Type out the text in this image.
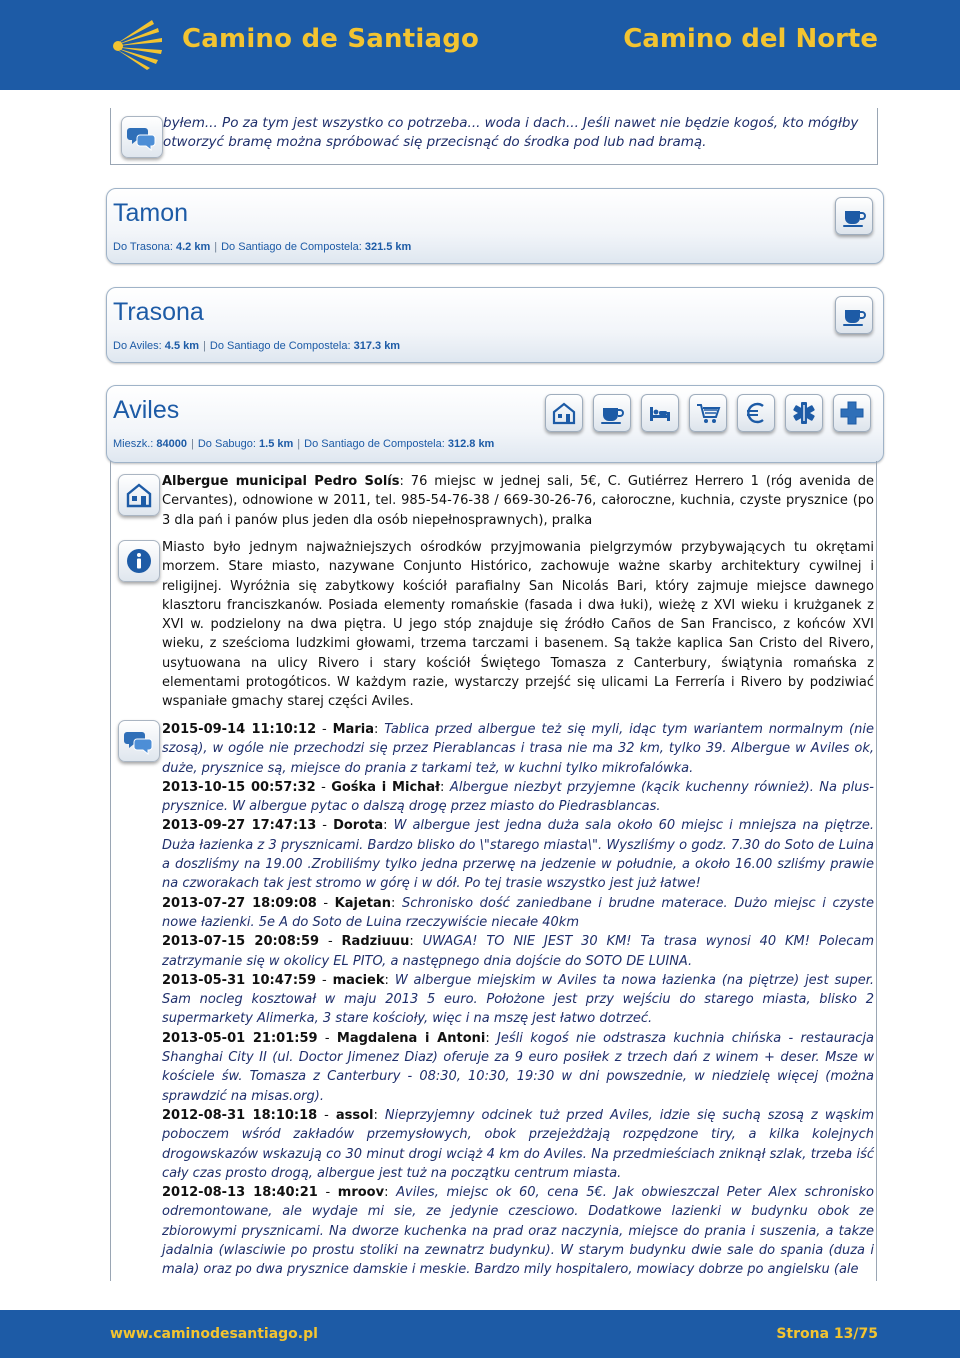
Camino de Santiago	Camino del Norte
byłem... Po za tym jest wszystko co potrzeba... woda i dach... Jeśli nawet nie będzie kogoś, kto mógłby otworzyć bramę można spróbować się przecisnąć do środka pod lub nad bramą.
Tamon
Do Trasona: 4.2 km | Do Santiago de Compostela: 321.5 km
Trasona
Do Aviles: 4.5 km | Do Santiago de Compostela: 317.3 km
Aviles
Mieszk.: 84000 | Do Sabugo: 1.5 km | Do Santiago de Compostela: 312.8 km
Albergue municipal Pedro Solís: 76 miejsc w jednej sali, 5€, C. Gutiérrez Herrero 1 (róg avenida de Cervantes), odnowione w 2011, tel. 985-54-76-38 / 669-30-26-76, całoroczne, kuchnia, czyste prysznice (po 3 dla pań i panów plus jeden dla osób niepełnosprawnych), pralka
Miasto było jednym najważniejszych ośrodków przyjmowania pielgrzymów przybywających tu okrętami morzem. Stare miasto, nazywane Conjunto Histórico, zachowuje ważne skarby architektury cywilnej i religijnej. Wyróżnia się zabytkowy kościół parafialny San Nicolás Bari, który zajmuje miejsce dawnego klasztoru franciszkanów. Posiada elementy romańskie (fasada i dwa łuki), wieżę z XVI wieku i krużganek z XVI w. podzielony na dwa piętra. U jego stóp znajduje się źródło Caños de San Francisco, z końców XVI wieku, z sześcioma ludzkimi głowami, trzema tarczami i basenem. Są także kaplica San Cristo del Rivero, usytuowana na ulicy Rivero i stary kościół Świętego Tomasza z Canterbury, świątynia romańska z elementami protogóticos. W każdym razie, wystarczy przejść się ulicami La Ferrería i Rivero by podziwiać wspaniałe gmachy starej części Aviles.

2015-09-14 11:10:12 - Maria: Tablica przed albergue też się myli, idąc tym wariantem normalnym (nie szosą), w ogóle nie przechodzi się przez Pierablancas i trasa nie ma 32 km, tylko 39. Albergue w Aviles ok, duże, prysznice są, miejsce do prania z tarkami też, w kuchni tylko mikrofalówka.

2013-10-15 00:57:32 - Gośka i Michał: Albergue niezbyt przyjemne (kącik kuchenny również). Na plus- prysznice. W albergue pytac o dalszą drogę przez miasto do Piedrasblancas.

2013-09-27 17:47:13 - Dorota: W albergue jest jedna duża sala około 60 miejsc i mniejsza na piętrze. Duża łazienka z 3 prysznicami. Bardzo blisko do \"starego miasta\". Wyszliśmy o godz. 7.30 do Soto de Luina a doszliśmy na 19.00 .Zrobiliśmy tylko jedna przerwę na jedzenie w południe, a około 16.00 szliśmy prawie na czworakach tak jest stromo w górę i w dół. Po tej trasie wszystko jest już łatwe!

2013-07-27 18:09:08 - Kajetan: Schronisko dość zaniedbane i brudne materace. Dużo miejsc i czyste nowe łazienki. 5e A do Soto de Luina rzeczywiście niecałe 40km

2013-07-15 20:08:59 - Radziuuu: UWAGA! TO NIE JEST 30 KM! Ta trasa wynosi 40 KM! Polecam zatrzymanie się w okolicy EL PITO, a następnego dnia dojście do SOTO DE LUINA.

2013-05-31 10:47:59 - maciek: W albergue miejskim w Aviles ta nowa łazienka (na piętrze) jest super. Sam nocleg kosztował w maju 2013 5 euro. Położone jest przy wejściu do starego miasta, blisko 2 supermarkety Alimerka, 3 stare kościoły, więc i na mszę jest łatwo dotrzeć.

2013-05-01 21:01:59 - Magdalena i Antoni: Jeśli kogoś nie odstrasza kuchnia chińska - restauracja Shanghai City II (ul. Doctor Jimenez Diaz) oferuje za 9 euro posiłek z trzech dań z winem + deser. Msze w kościele św. Tomasza z Canterbury - 08:30, 10:30, 19:30 w dni powszednie, w niedzielę więcej (można sprawdzić na misas.org).

2012-08-31 18:10:18 - assol: Nieprzyjemny odcinek tuż przed Aviles, idzie się suchą szosą z wąskim poboczem wśród zakładów przemysłowych, obok przejeżdżają rozpędzone tiry, a kilka kolejnych drogowskazów wskazują co 30 minut drogi wciąż 4 km do Aviles. Na przedmieściach zniknął szlak, trzeba iść cały czas prosto drogą, albergue jest tuż na początku centrum miasta.

2012-08-13 18:40:21 - mroov: Aviles, miejsc ok 60, cena 5€. Jak obwieszczal Peter Alex schronisko odremontowane, ale wydaje mi sie, ze jedynie czesciowo. Dodatkowe lazienki w budynku obok ze zbiorowymi prysznicami. Na dworze kuchenka na prad oraz naczynia, miejsce do prania i suszenia, a takze jadalnia (wlasciwie po prostu stoliki na zewnatrz budynku). W starym budynku dwie sale do spania (duza i mala) oraz po dwa prysznice damskie i meskie. Bardzo mily hospitalero, mowiacy dobrze po angielsku (ale

www.caminodesantiago.pl	Strona 13/75
